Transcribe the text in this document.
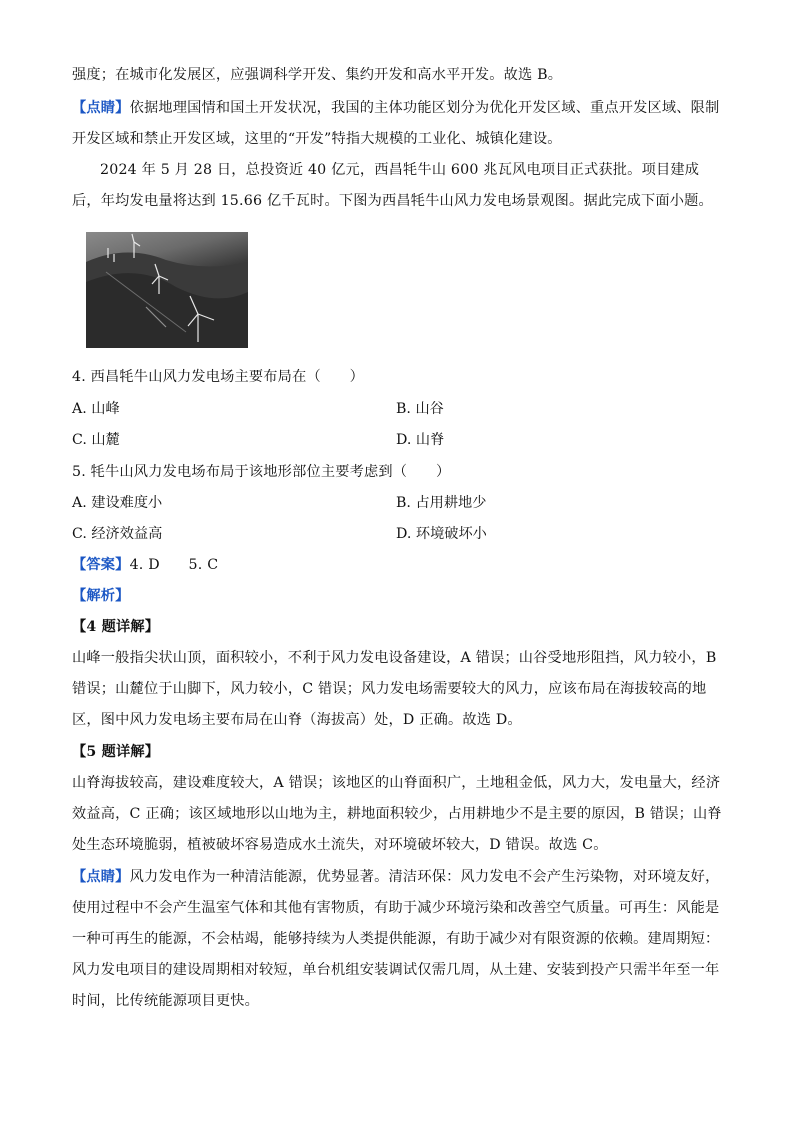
强度；在城市化发展区，应强调科学开发、集约开发和高水平开发。故选 B。

【点睛】依据地理国情和国土开发状况，我国的主体功能区划分为优化开发区域、重点开发区域、限制开发区域和禁止开发区域，这里的“开发”特指大规模的工业化、城镇化建设。

2024 年 5 月 28 日，总投资近 40 亿元，西昌牦牛山 600 兆瓦风电项目正式获批。项目建成后，年均发电量将达到 15.66 亿千瓦时。下图为西昌牦牛山风力发电场景观图。据此完成下面小题。

4. 西昌牦牛山风力发电场主要布局在（　　）

A. 山峰	B. 山谷
C. 山麓	D. 山脊

5. 牦牛山风力发电场布局于该地形部位主要考虑到（　　）

A. 建设难度小	B. 占用耕地少
C. 经济效益高	D. 环境破坏小

【答案】4. D　　5. C

【解析】

【4 题详解】

山峰一般指尖状山顶，面积较小，不利于风力发电设备建设，A 错误；山谷受地形阻挡，风力较小，B 错误；山麓位于山脚下，风力较小，C 错误；风力发电场需要较大的风力，应该布局在海拔较高的地区，图中风力发电场主要布局在山脊（海拔高）处，D 正确。故选 D。

【5 题详解】

山脊海拔较高，建设难度较大，A 错误；该地区的山脊面积广，土地租金低，风力大，发电量大，经济效益高，C 正确；该区域地形以山地为主，耕地面积较少，占用耕地少不是主要的原因，B 错误；山脊处生态环境脆弱，植被破坏容易造成水土流失，对环境破坏较大，D 错误。故选 C。

【点睛】风力发电作为一种清洁能源，优势显著。清洁环保：风力发电不会产生污染物，对环境友好，使用过程中不会产生温室气体和其他有害物质，有助于减少环境污染和改善空气质量。可再生：风能是一种可再生的能源，不会枯竭，能够持续为人类提供能源，有助于减少对有限资源的依赖。建周期短：风力发电项目的建设周期相对较短，单台机组安装调试仅需几周，从土建、安装到投产只需半年至一年时间，比传统能源项目更快。
